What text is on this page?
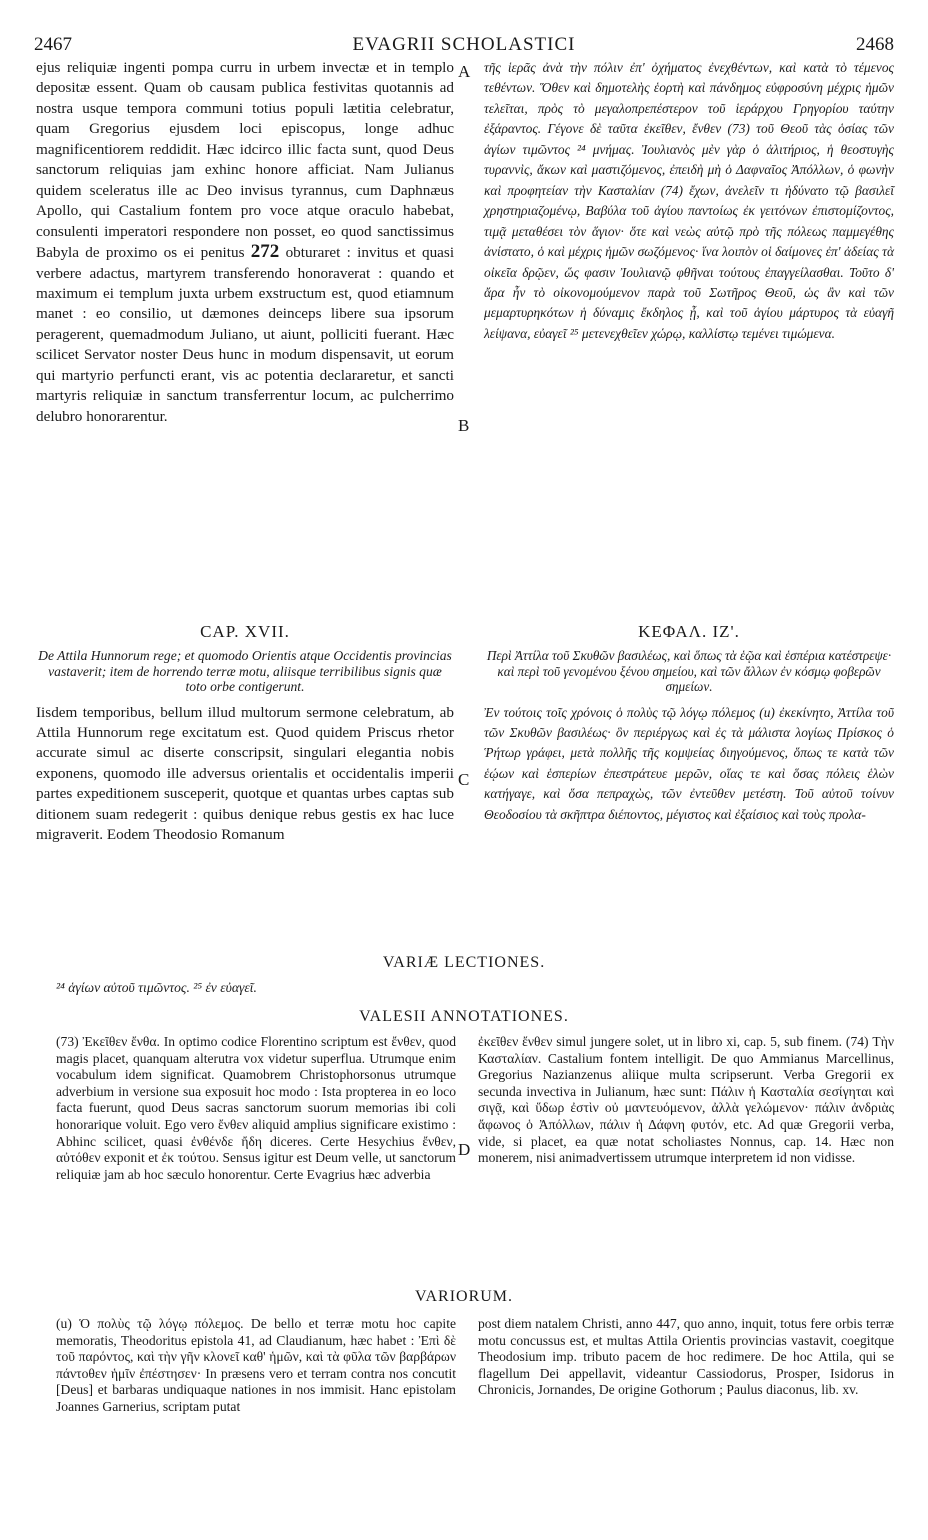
2467	EVAGRII SCHOLASTICI	2468
A
B
C
D

ejus reliquiæ ingenti pompa curru in urbem invectæ et in templo depositæ essent. Quam ob causam publica festivitas quotannis ad nostra usque tempora communi totius populi lætitia celebratur, quam Gregorius ejusdem loci episcopus, longe adhuc magnificentiorem reddidit. Hæc idcirco illic facta sunt, quod Deus sanctorum reliquias jam exhinc honore afficiat. Nam Julianus quidem sceleratus ille ac Deo invisus tyrannus, cum Daphnæus Apollo, qui Castalium fontem pro voce atque oraculo habebat, consulenti imperatori respondere non posset, eo quod sanctissimus Babyla de proximo os ei penitus 272 obturaret : invitus et quasi verbere adactus, martyrem transferendo honoraverat : quando et maximum ei templum juxta urbem exstructum est, quod etiamnum manet : eo consilio, ut dæmones deinceps libere sua ipsorum peragerent, quemadmodum Juliano, ut aiunt, polliciti fuerant. Hæc scilicet Servator noster Deus hunc in modum dispensavit, ut eorum qui martyrio perfuncti erant, vis ac potentia declararetur, et sancti martyris reliquiæ in sanctum transferrentur locum, ac pulcherrimo delubro honorarentur.

τῆς ἱερᾶς ἀνὰ τὴν πόλιν ἐπ' ὀχήματος ἐνεχθέντων, καὶ κατὰ τὸ τέμενος τεθέντων. Ὅθεν καὶ δημοτελὴς ἑορτὴ καὶ πάνδημος εὐφροσύνη μέχρις ἡμῶν τελεῖται, πρὸς τὸ μεγαλοπρεπέστερον τοῦ ἱεράρχου Γρηγορίου ταύτην ἐξάραντος. Γέγονε δὲ ταῦτα ἐκεῖθεν, ἔνθεν (73) τοῦ Θεοῦ τὰς ὁσίας τῶν ἁγίων τιμῶντος ²⁴ μνήμας. Ἰουλιανὸς μὲν γὰρ ὁ ἀλιτήριος, ἡ θεοστυγὴς τυραννὶς, ἄκων καὶ μαστιζόμενος, ἐπειδὴ μὴ ὁ Δαφναῖος Ἀπόλλων, ὁ φωνὴν καὶ προφητείαν τὴν Κασταλίαν (74) ἔχων, ἀνελεῖν τι ἠδύνατο τῷ βασιλεῖ χρηστηριαζομένῳ, Βαβύλα τοῦ ἁγίου παντοίως ἐκ γειτόνων ἐπιστομίζοντος, τιμᾷ μεταθέσει τὸν ἅγιον· ὅτε καὶ νεὼς αὐτῷ πρὸ τῆς πόλεως παμμεγέθης ἀνίστατο, ὁ καὶ μέχρις ἡμῶν σωζόμενος· ἵνα λοιπὸν οἱ δαίμονες ἐπ' ἀδείας τὰ οἰκεῖα δρῷεν, ὥς φασιν Ἰουλιανῷ φθῆναι τούτους ἐπαγγείλασθαι. Τοῦτο δ' ἄρα ἦν τὸ οἰκονομούμενον παρὰ τοῦ Σωτῆρος Θεοῦ, ὡς ἂν καὶ τῶν μεμαρτυρηκότων ἡ δύναμις ἔκδηλος ᾖ, καὶ τοῦ ἁγίου μάρτυρος τὰ εὐαγῆ λείψανα, εὐαγεῖ ²⁵ μετενεχθεῖεν χώρῳ, καλλίστῳ τεμένει τιμώμενα.

CAP. XVII.

De Attila Hunnorum rege; et quomodo Orientis atque Occidentis provincias vastaverit; item de horrendo terræ motu, aliisque terribilibus signis quæ toto orbe contigerunt.

Iisdem temporibus, bellum illud multorum sermone celebratum, ab Attila Hunnorum rege excitatum est. Quod quidem Priscus rhetor accurate simul ac diserte conscripsit, singulari elegantia nobis exponens, quomodo ille adversus orientalis et occidentalis imperii partes expeditionem susceperit, quotque et quantas urbes captas sub ditionem suam redegerit : quibus denique rebus gestis ex hac luce migraverit. Eodem Theodosio Romanum

ΚΕΦΑΛ. ΙΖ'.

Περὶ Ἀττίλα τοῦ Σκυθῶν βασιλέως, καὶ ὅπως τὰ ἑῷα καὶ ἑσπέρια κατέστρεψε· καὶ περὶ τοῦ γενομένου ξένου σημείου, καὶ τῶν ἄλλων ἐν κόσμῳ φοβερῶν σημείων.

Ἐν τούτοις τοῖς χρόνοις ὁ πολὺς τῷ λόγῳ πόλεμος (u) ἐκεκίνητο, Ἀττίλα τοῦ τῶν Σκυθῶν βασιλέως· ὃν περιέργως καὶ ἐς τὰ μάλιστα λογίως Πρίσκος ὁ Ῥήτωρ γράφει, μετὰ πολλῆς τῆς κομψείας διηγούμενος, ὅπως τε κατὰ τῶν ἑῴων καὶ ἑσπερίων ἐπεστράτευε μερῶν, οἵας τε καὶ ὅσας πόλεις ἑλὼν κατήγαγε, καὶ ὅσα πεπραχὼς, τῶν ἐντεῦθεν μετέστη. Τοῦ αὐτοῦ τοίνυν Θεοδοσίου τὰ σκῆπτρα διέποντος, μέγιστος καὶ ἐξαίσιος καὶ τοὺς προλα-

VARIÆ LECTIONES.
²⁴ ἁγίων αὐτοῦ τιμῶντος. ²⁵ ἐν εὐαγεῖ.
VALESII ANNOTATIONES.

(73) Ἐκεῖθεν ἔνθα. In optimo codice Florentino scriptum est ἔνθεν, quod magis placet, quanquam alterutra vox videtur superflua. Utrumque enim vocabulum idem significat. Quamobrem Christophorsonus utrumque adverbium in versione sua exposuit hoc modo : Ista propterea in eo loco facta fuerunt, quod Deus sacras sanctorum suorum memorias ibi coli honorarique voluit. Ego vero ἔνθεν aliquid amplius significare existimo : Abhinc scilicet, quasi ἐνθένδε ἤδη diceres. Certe Hesychius ἔνθεν, αὐτόθεν exponit et ἐκ τούτου. Sensus igitur est Deum velle, ut sanctorum reliquiæ jam ab hoc sæculo honorentur. Certe Evagrius hæc adverbia

ἐκεῖθεν ἔνθεν simul jungere solet, ut in libro xi, cap. 5, sub finem. (74) Τὴν Κασταλίαν. Castalium fontem intelligit. De quo Ammianus Marcellinus, Gregorius Nazianzenus aliique multa scripserunt. Verba Gregorii ex secunda invectiva in Julianum, hæc sunt: Πάλιν ἡ Κασταλία σεσίγηται καὶ σιγᾷ, καὶ ὕδωρ ἐστὶν οὐ μαντευόμενον, ἀλλὰ γελώμενον· πάλιν ἀνδριὰς ἄφωνος ὁ Ἀπόλλων, πάλιν ἡ Δάφνη φυτόν, etc. Ad quæ Gregorii verba, vide, si placet, ea quæ notat scholiastes Nonnus, cap. 14. Hæc non monerem, nisi animadvertissem utrumque interpretem id non vidisse.

VARIORUM.

(u) Ὁ πολὺς τῷ λόγῳ πόλεμος. De bello et terræ motu hoc capite memoratis, Theodoritus epistola 41, ad Claudianum, hæc habet : Ἐπὶ δὲ τοῦ παρόντος, καὶ τὴν γῆν κλονεῖ καθ' ἡμῶν, καὶ τὰ φῦλα τῶν βαρβάρων πάντοθεν ἡμῖν ἐπέστησεν· In præsens vero et terram contra nos concutit [Deus] et barbaras undiquaque nationes in nos immisit. Hanc epistolam Joannes Garnerius, scriptam putat

post diem natalem Christi, anno 447, quo anno, inquit, totus fere orbis terræ motu concussus est, et multas Attila Orientis provincias vastavit, coegitque Theodosium imp. tributo pacem de hoc redimere. De hoc Attila, qui se flagellum Dei appellavit, videantur Cassiodorus, Prosper, Isidorus in Chronicis, Jornandes, De origine Gothorum ; Paulus diaconus, lib. xv.
